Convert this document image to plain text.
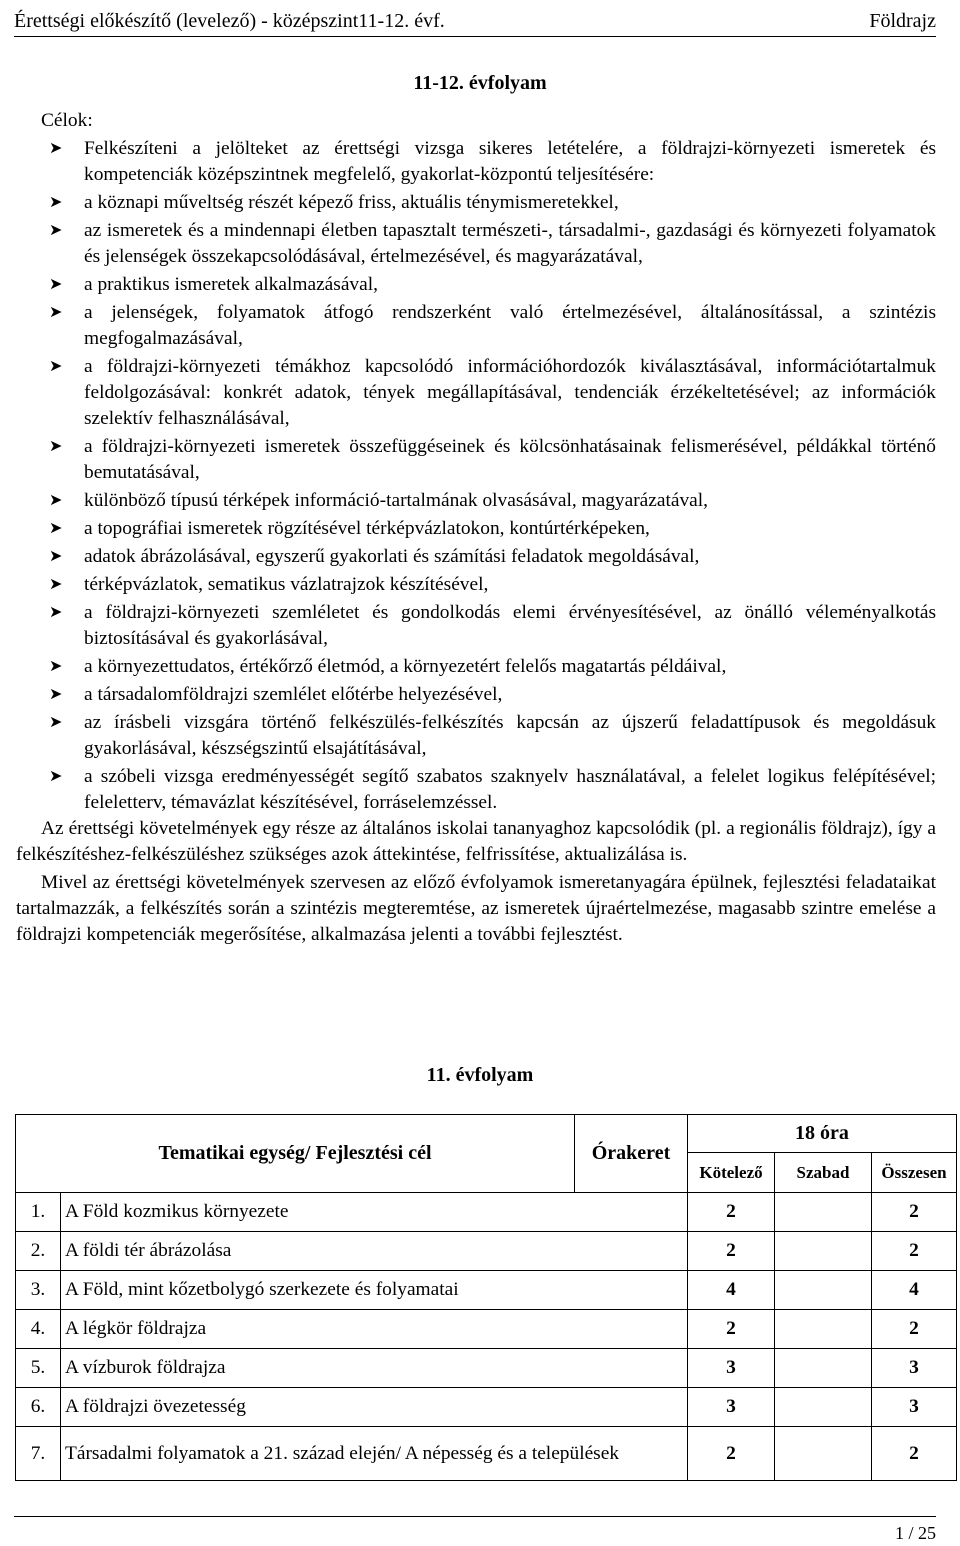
Érettségi előkészítő (levelező) - középszint11-12. évf.	Földrajz
11-12. évfolyam
Célok:
➤ Felkészíteni a jelölteket az érettségi vizsga sikeres letételére, a földrajzi-környezeti ismeretek és kompetenciák középszintnek megfelelő, gyakorlat-központú teljesítésére:
➤ a köznapi műveltség részét képező friss, aktuális ténymismeretekkel,
➤ az ismeretek és a mindennapi életben tapasztalt természeti-, társadalmi-, gazdasági és környezeti folyamatok és jelenségek összekapcsolódásával, értelmezésével, és magyarázatával,
➤ a praktikus ismeretek alkalmazásával,
➤ a jelenségek, folyamatok átfogó rendszerként való értelmezésével, általánosítással, a szintézis megfogalmazásával,
➤ a földrajzi-környezeti témákhoz kapcsolódó információhordozók kiválasztásával, információtartalmuk feldolgozásával: konkrét adatok, tények megállapításával, tendenciák érzékeltetésével; az információk szelektív felhasználásával,
➤ a földrajzi-környezeti ismeretek összefüggéseinek és kölcsönhatásainak felismerésével, példákkal történő bemutatásával,
➤ különböző típusú térképek információ-tartalmának olvasásával, magyarázatával,
➤ a topográfiai ismeretek rögzítésével térképvázlatokon, kontúrtérképeken,
➤ adatok ábrázolásával, egyszerű gyakorlati és számítási feladatok megoldásával,
➤ térképvázlatok, sematikus vázlatrajzok készítésével,
➤ a földrajzi-környezeti szemléletet és gondolkodás elemi érvényesítésével, az önálló véleményalkotás biztosításával és gyakorlásával,
➤ a környezettudatos, értékőrző életmód, a környezetért felelős magatartás példáival,
➤ a társadalomföldrajzi szemlélet előtérbe helyezésével,
➤ az írásbeli vizsgára történő felkészülés-felkészítés kapcsán az újszerű feladattípusok és megoldásuk gyakorlásával, készségszintű elsajátításával,
➤ a szóbeli vizsga eredményességét segítő szabatos szaknyelv használatával, a felelet logikus felépítésével; feleletterv, témavázlat készítésével, forráselemzéssel.

Az érettségi követelmények egy része az általános iskolai tananyaghoz kapcsolódik (pl. a regionális földrajz), így a felkészítéshez-felkészüléshez szükséges azok áttekintése, felfrissítése, aktualizálása is.

Mivel az érettségi követelmények szervesen az előző évfolyamok ismeretanyagára épülnek, fejlesztési feladataikat tartalmazzák, a felkészítés során a szintézis megteremtése, az ismeretek újraértelmezése, magasabb szintre emelése a földrajzi kompetenciák megerősítése, alkalmazása jelenti a további fejlesztést.

11. évfolyam
Tematikai egység/ Fejlesztési cél		Órakeret	18 óra		
			Kötelező	Szabad	Összesen
1.	A Föld kozmikus környezete		2		2
2.	A földi tér ábrázolása		2		2
3.	A Föld, mint kőzetbolygó szerkezete és folyamatai		4		4
4.	A légkör földrajza		2		2
5.	A vízburok földrajza		3		3
6.	A földrajzi övezetesség		3		3
7.	Társadalmi folyamatok a 21. század elején/ A népesség és a települések		2		2
1 / 25
